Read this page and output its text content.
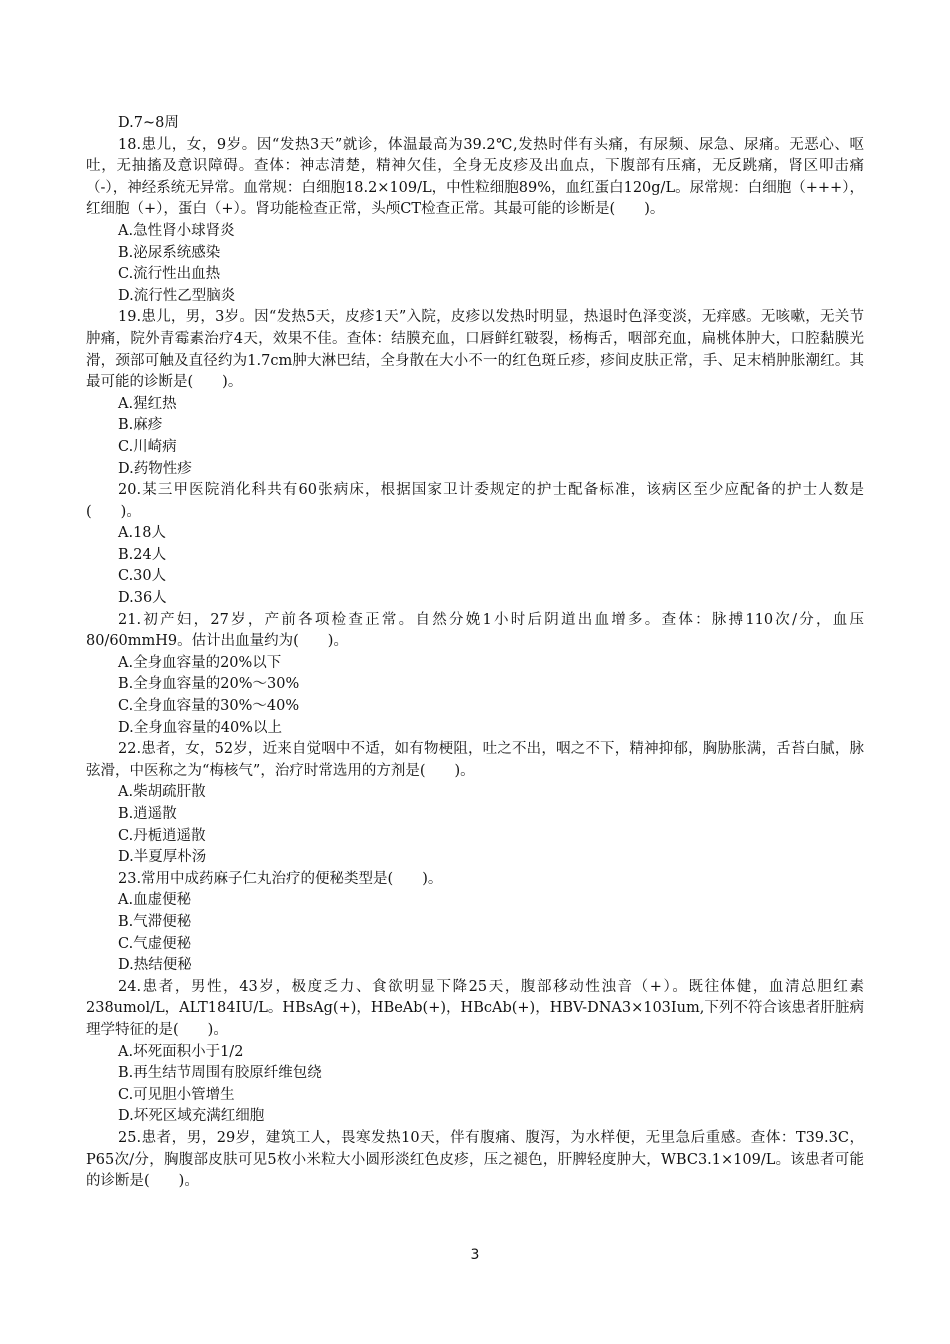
D.7~8周
18.患儿，女，9岁。因“发热3天”就诊，体温最高为39.2℃,发热时伴有头痛，有尿频、尿急、尿痛。无恶心、呕吐，无抽搐及意识障碍。查体：神志清楚，精神欠佳，全身无皮疹及出血点，下腹部有压痛，无反跳痛，肾区叩击痛（-），神经系统无异常。血常规：白细胞18.2×109/L，中性粒细胞89%，血红蛋白120g/L。尿常规：白细胞（+++），红细胞（+），蛋白（+）。肾功能检查正常，头颅CT检查正常。其最可能的诊断是(　　)。
A.急性肾小球肾炎
B.泌尿系统感染
C.流行性出血热
D.流行性乙型脑炎
19.患儿，男，3岁。因“发热5天，皮疹1天”入院，皮疹以发热时明显，热退时色泽变淡，无痒感。无咳嗽，无关节肿痛，院外青霉素治疗4天，效果不佳。查体：结膜充血，口唇鲜红皲裂，杨梅舌，咽部充血，扁桃体肿大，口腔黏膜光滑，颈部可触及直径约为1.7cm肿大淋巴结，全身散在大小不一的红色斑丘疹，疹间皮肤正常，手、足末梢肿胀潮红。其最可能的诊断是(　　)。
A.猩红热
B.麻疹
C.川崎病
D.药物性疹
20.某三甲医院消化科共有60张病床，根据国家卫计委规定的护士配备标准，该病区至少应配备的护士人数是(　　)。
A.18人
B.24人
C.30人
D.36人
21.初产妇，27岁，产前各项检查正常。自然分娩1小时后阴道出血增多。查体：脉搏110次/分，血压80/60mmH9。估计出血量约为(　　)。
A.全身血容量的20%以下
B.全身血容量的20%～30%
C.全身血容量的30%～40%
D.全身血容量的40%以上
22.患者，女，52岁，近来自觉咽中不适，如有物梗阻，吐之不出，咽之不下，精神抑郁，胸胁胀满，舌苔白腻，脉弦滑，中医称之为“梅核气”，治疗时常选用的方剂是(　　)。
A.柴胡疏肝散
B.逍遥散
C.丹栀逍遥散
D.半夏厚朴汤
23.常用中成药麻子仁丸治疗的便秘类型是(　　)。
A.血虚便秘
B.气滞便秘
C.气虚便秘
D.热结便秘
24.患者，男性，43岁，极度乏力、食欲明显下降25天，腹部移动性浊音（+）。既往体健，血清总胆红素238umol/L，ALT184IU/L。HBsAg(+)，HBeAb(+)，HBcAb(+)，HBV-DNA3×103Ium,下列不符合该患者肝脏病理学特征的是(　　)。
A.坏死面积小于1/2
B.再生结节周围有胶原纤维包绕
C.可见胆小管增生
D.坏死区域充满红细胞
25.患者，男，29岁，建筑工人，畏寒发热10天，伴有腹痛、腹泻，为水样便，无里急后重感。查体：T39.3C，P65次/分，胸腹部皮肤可见5枚小米粒大小圆形淡红色皮疹，压之褪色，肝脾轻度肿大，WBC3.1×109/L。该患者可能的诊断是(　　)。
3
